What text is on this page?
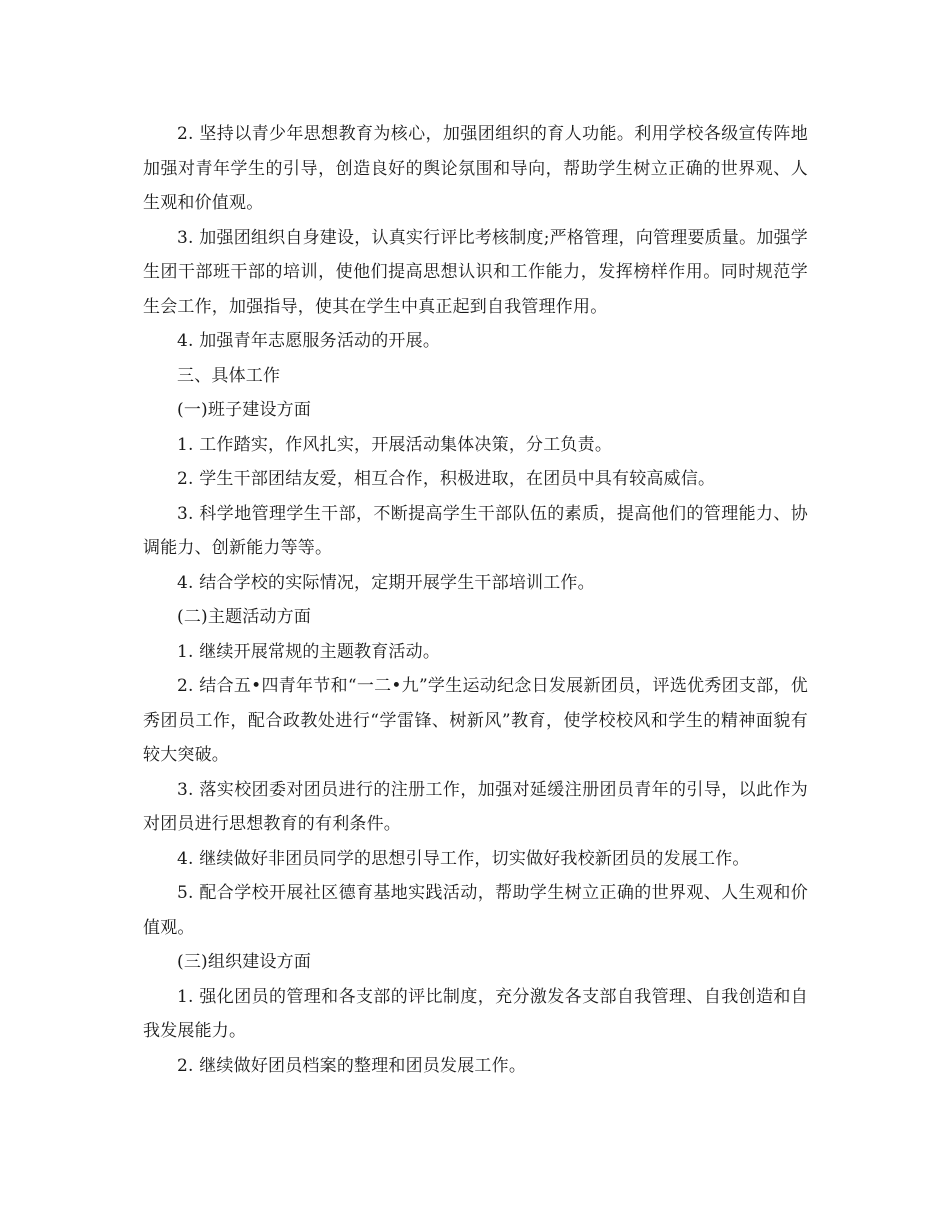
2. 坚持以青少年思想教育为核心，加强团组织的育人功能。利用学校各级宣传阵地加强对青年学生的引导，创造良好的舆论氛围和导向，帮助学生树立正确的世界观、人生观和价值观。

3. 加强团组织自身建设，认真实行评比考核制度;严格管理，向管理要质量。加强学生团干部班干部的培训，使他们提高思想认识和工作能力，发挥榜样作用。同时规范学生会工作，加强指导，使其在学生中真正起到自我管理作用。

4. 加强青年志愿服务活动的开展。

三、具体工作

(一)班子建设方面

1. 工作踏实，作风扎实，开展活动集体决策，分工负责。

2. 学生干部团结友爱，相互合作，积极进取，在团员中具有较高威信。

3. 科学地管理学生干部，不断提高学生干部队伍的素质，提高他们的管理能力、协调能力、创新能力等等。

4. 结合学校的实际情况，定期开展学生干部培训工作。

(二)主题活动方面

1. 继续开展常规的主题教育活动。

2. 结合五•四青年节和“一二•九”学生运动纪念日发展新团员，评选优秀团支部，优秀团员工作，配合政教处进行“学雷锋、树新风”教育，使学校校风和学生的精神面貌有较大突破。

3. 落实校团委对团员进行的注册工作，加强对延缓注册团员青年的引导，以此作为对团员进行思想教育的有利条件。

4. 继续做好非团员同学的思想引导工作，切实做好我校新团员的发展工作。

5. 配合学校开展社区德育基地实践活动，帮助学生树立正确的世界观、人生观和价值观。

(三)组织建设方面

1. 强化团员的管理和各支部的评比制度，充分激发各支部自我管理、自我创造和自我发展能力。

2. 继续做好团员档案的整理和团员发展工作。
